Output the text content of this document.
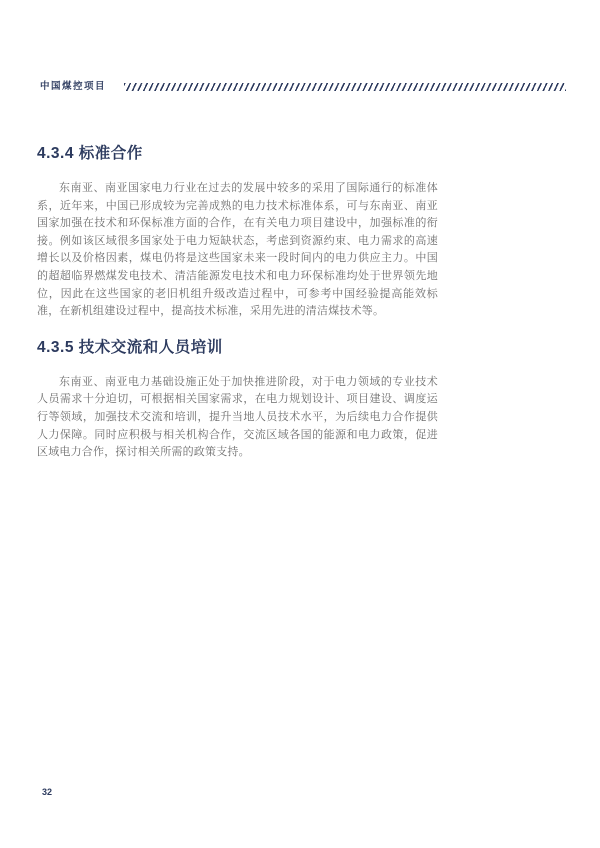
中国煤控项目
4.3.4 标准合作

东南亚、南亚国家电力行业在过去的发展中较多的采用了国际通行的标准体系，近年来，中国已形成较为完善成熟的电力技术标准体系，可与东南亚、南亚国家加强在技术和环保标准方面的合作，在有关电力项目建设中，加强标准的衔接。例如该区域很多国家处于电力短缺状态，考虑到资源约束、电力需求的高速增长以及价格因素，煤电仍将是这些国家未来一段时间内的电力供应主力。中国的超超临界燃煤发电技术、清洁能源发电技术和电力环保标准均处于世界领先地位，因此在这些国家的老旧机组升级改造过程中，可参考中国经验提高能效标准，在新机组建设过程中，提高技术标准，采用先进的清洁煤技术等。

4.3.5 技术交流和人员培训

东南亚、南亚电力基础设施正处于加快推进阶段，对于电力领域的专业技术人员需求十分迫切，可根据相关国家需求，在电力规划设计、项目建设、调度运行等领域，加强技术交流和培训，提升当地人员技术水平，为后续电力合作提供人力保障。同时应积极与相关机构合作，交流区域各国的能源和电力政策，促进区域电力合作，探讨相关所需的政策支持。

32
